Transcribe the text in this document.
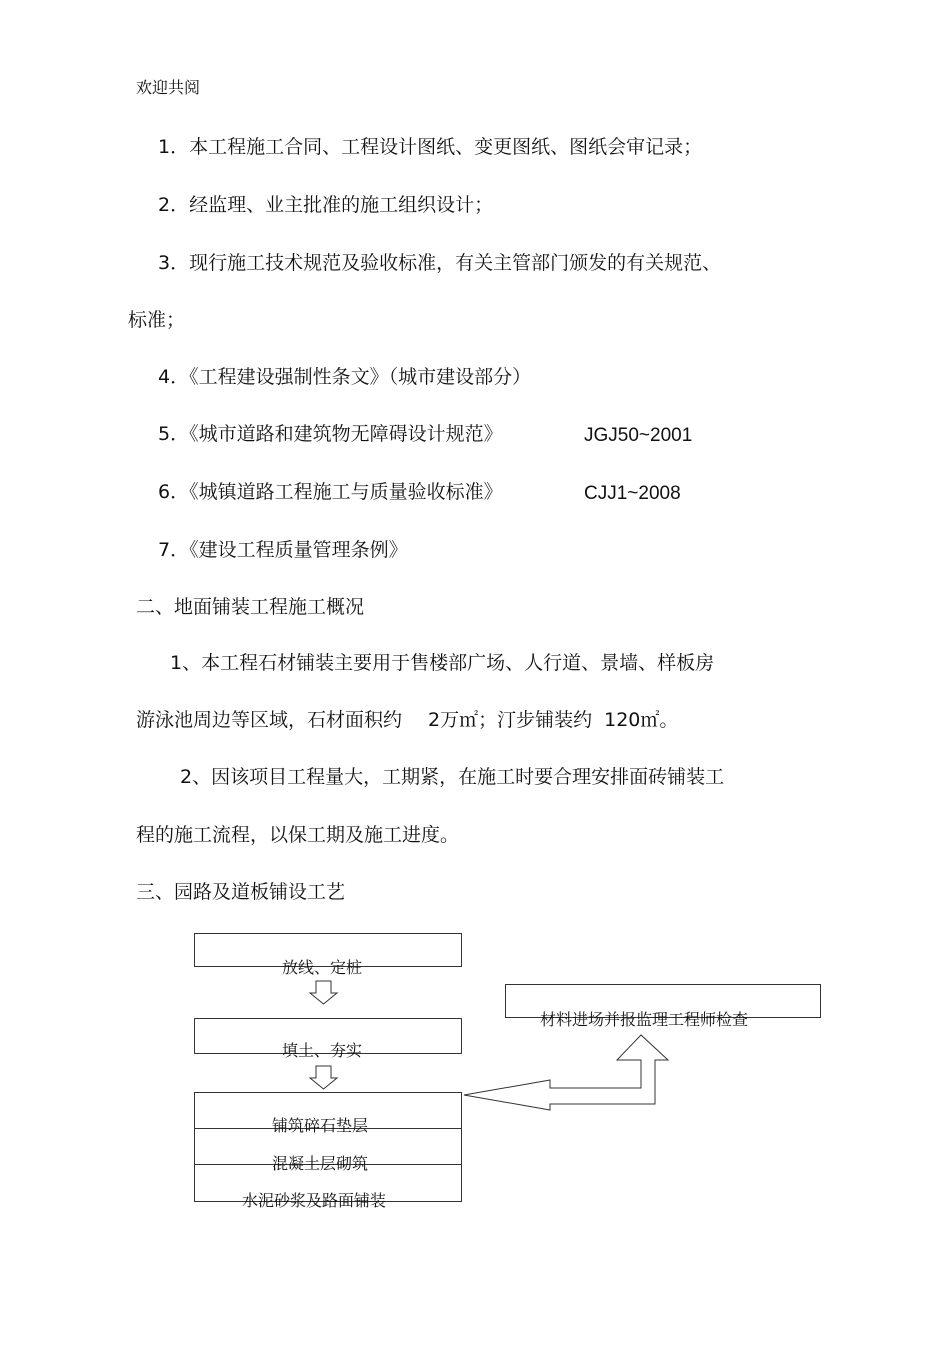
欢迎共阅
1．本工程施工合同、工程设计图纸、变更图纸、图纸会审记录；
2．经监理、业主批准的施工组织设计；
3．现行施工技术规范及验收标准，有关主管部门颁发的有关规范、
标准；
4．《工程建设强制性条文》（城市建设部分）
5．《城市道路和建筑物无障碍设计规范》	JGJ50~2001
6．《城镇道路工程施工与质量验收标准》	CJJ1~2008
7．《建设工程质量管理条例》
二、地面铺装工程施工概况
1、本工程石材铺装主要用于售楼部广场、人行道、景墙、样板房
游泳池周边等区域，石材面积约 2万㎡；汀步铺装约 120㎡。
2、因该项目工程量大，工期紧，在施工时要合理安排面砖铺装工
程的施工流程，以保工期及施工进度。
三、园路及道板铺设工艺
放线、定桩
填土、夯实
铺筑碎石垫层
混凝土层砌筑
水泥砂浆及路面铺装
材料进场并报监理工程师检查
